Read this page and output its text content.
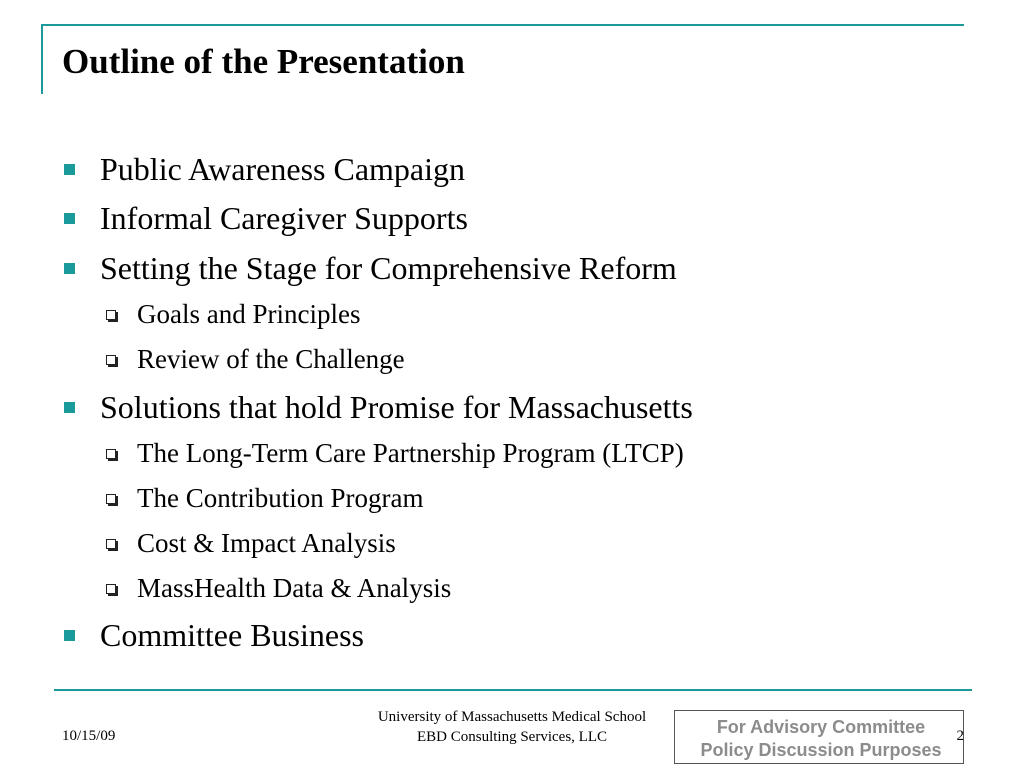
Outline of the Presentation
Public Awareness Campaign
Informal Caregiver Supports
Setting the Stage for Comprehensive Reform
Goals and Principles
Review of the Challenge
Solutions that hold Promise for Massachusetts
The Long-Term Care Partnership Program (LTCP)
The Contribution Program
Cost & Impact Analysis
MassHealth Data & Analysis
Committee Business
10/15/09
University of Massachusetts Medical School
EBD Consulting Services, LLC	For Advisory Committee
Policy Discussion Purposes
2
